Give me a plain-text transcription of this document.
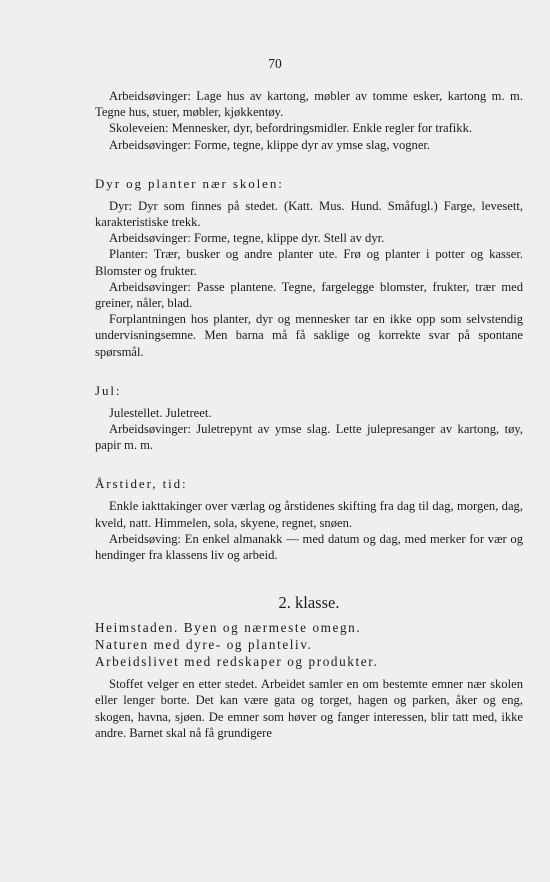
70

Arbeidsøvinger: Lage hus av kartong, møbler av tomme esker, kartong m. m. Tegne hus, stuer, møbler, kjøkkentøy.

Skoleveien: Mennesker, dyr, befordringsmidler. Enkle regler for trafikk.

Arbeidsøvinger: Forme, tegne, klippe dyr av ymse slag, vogner.

Dyr og planter nær skolen:

Dyr: Dyr som finnes på stedet. (Katt. Mus. Hund. Småfugl.) Farge, levesett, karakteristiske trekk.

Arbeidsøvinger: Forme, tegne, klippe dyr. Stell av dyr.

Planter: Trær, busker og andre planter ute. Frø og planter i potter og kasser. Blomster og frukter.

Arbeidsøvinger: Passe plantene. Tegne, fargelegge blomster, frukter, trær med greiner, nåler, blad.

Forplantningen hos planter, dyr og mennesker tar en ikke opp som selvstendig undervisningsemne. Men barna må få saklige og korrekte svar på spontane spørsmål.

Jul:

Julestellet. Juletreet.

Arbeidsøvinger: Juletrepynt av ymse slag. Lette julepresanger av kartong, tøy, papir m. m.

Årstider, tid:

Enkle iakttakinger over værlag og årstidenes skifting fra dag til dag, morgen, dag, kveld, natt. Himmelen, sola, skyene, regnet, snøen.

Arbeidsøving: En enkel almanakk — med datum og dag, med merker for vær og hendinger fra klassens liv og arbeid.

2. klasse.
Heimstaden. Byen og nærmeste omegn.
Naturen med dyre- og planteliv.
Arbeidslivet med redskaper og produkter.

Stoffet velger en etter stedet. Arbeidet samler en om bestemte emner nær skolen eller lenger borte. Det kan være gata og torget, hagen og parken, åker og eng, skogen, havna, sjøen. De emner som høver og fanger interessen, blir tatt med, ikke andre. Barnet skal nå få grundigere
